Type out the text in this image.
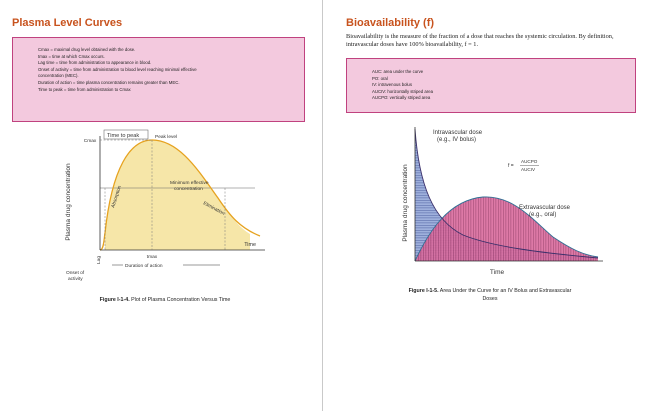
Plasma Level Curves
Cmax = maximal drug level obtained with the dose.
tmax = time at which Cmax occurs.
Lag time = time from administration to appearance in blood.
Onset of activity = time from administration to blood level reaching minimal effective
concentration (MEC).
Duration of action = time plasma concentration remains greater than MEC.
Time to peak = time from administration to Cmax
Plasma drug concentration
Time to peak
Cmax
Peak level
Absorption
Elimination
Minimum effective
concentration
Time
tmax
Duration of action
Lag
Onset of
activity
Figure I-1-4. Plot of Plasma Concentration Versus Time
Bioavailability (f)

Bioavailability is the measure of the fraction of a dose that reaches the systemic circulation. By definition, intravascular doses have 100% bioavailability, f = 1.

AUC: area under the curve
PO: oral
IV: intravenous bolus
AUCIV: horizontally striped area
AUCPO: vertically striped area
Plasma drug concentration
Intravascular dose
(e.g., IV bolus)
f =
AUCPO
AUCIV
Extravascular dose
(e.g., oral)
Time
Figure I-1-5. Area Under the Curve for an IV Bolus and Extravascular
Doses
